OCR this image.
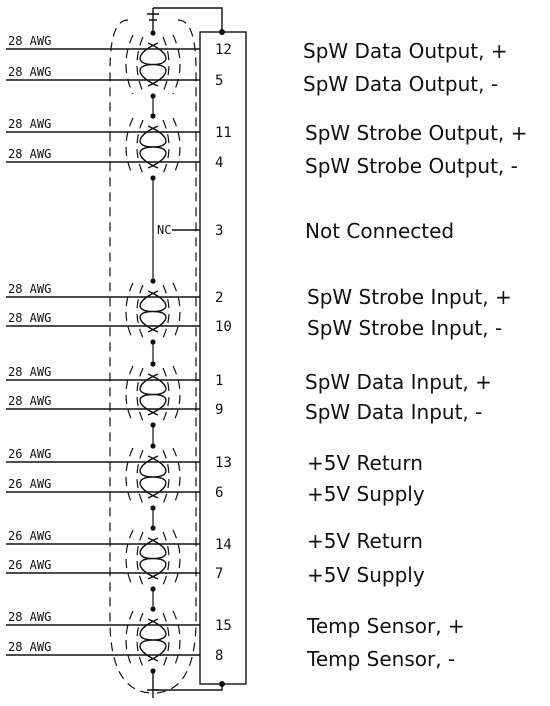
28 AWG
12
28 AWG
5
28 AWG
11
28 AWG
4
3
28 AWG
2
28 AWG
10
28 AWG
1
28 AWG
9
26 AWG
13
26 AWG
6
26 AWG
14
26 AWG
7
28 AWG
15
28 AWG
8
NC
SpW Data Output, +
SpW Data Output, -
SpW Strobe Output, +
SpW Strobe Output, -
Not Connected
SpW Strobe Input, +
SpW Strobe Input, -
SpW Data Input, +
SpW Data Input, -
+5V Return
+5V Supply
+5V Return
+5V Supply
Temp Sensor, +
Temp Sensor, -
